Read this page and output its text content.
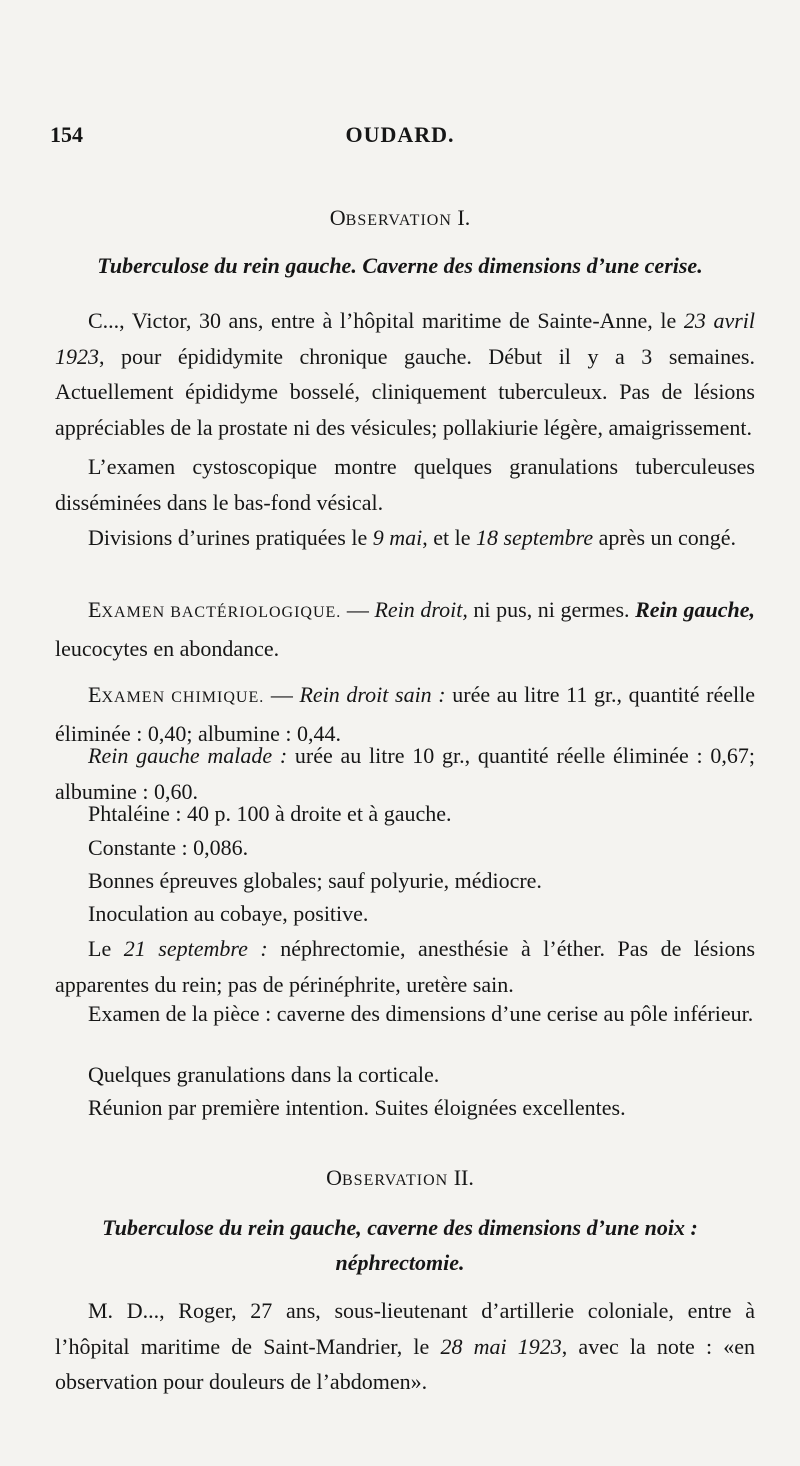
154	OUDARD.
OBSERVATION I.
Tuberculose du rein gauche. Caverne des dimensions d’une cerise.

C..., Victor, 30 ans, entre à l’hôpital maritime de Sainte-Anne, le 23 avril 1923, pour épididymite chronique gauche. Début il y a 3 semaines. Actuellement épididyme bosselé, cliniquement tuberculeux. Pas de lésions appréciables de la prostate ni des vésicules; pollakiurie légère, amaigrissement.

L’examen cystoscopique montre quelques granulations tuberculeuses disséminées dans le bas-fond vésical.

Divisions d’urines pratiquées le 9 mai, et le 18 septembre après un congé.

EXAMEN BACTÉRIOLOGIQUE. — Rein droit, ni pus, ni germes. Rein gauche, leucocytes en abondance.

EXAMEN CHIMIQUE. — Rein droit sain : urée au litre 11 gr., quantité réelle éliminée : 0,40; albumine : 0,44.

Rein gauche malade : urée au litre 10 gr., quantité réelle éliminée : 0,67; albumine : 0,60.

Phtaléine : 40 p. 100 à droite et à gauche.

Constante : 0,086.

Bonnes épreuves globales; sauf polyurie, médiocre.

Inoculation au cobaye, positive.

Le 21 septembre : néphrectomie, anesthésie à l’éther. Pas de lésions apparentes du rein; pas de périnéphrite, uretère sain.

Examen de la pièce : caverne des dimensions d’une cerise au pôle inférieur.

Quelques granulations dans la corticale.

Réunion par première intention. Suites éloignées excellentes.

OBSERVATION II.
Tuberculose du rein gauche, caverne des dimensions d’une noix :
néphrectomie.

M. D..., Roger, 27 ans, sous-lieutenant d’artillerie coloniale, entre à l’hôpital maritime de Saint-Mandrier, le 28 mai 1923, avec la note : «en observation pour douleurs de l’abdomen».
